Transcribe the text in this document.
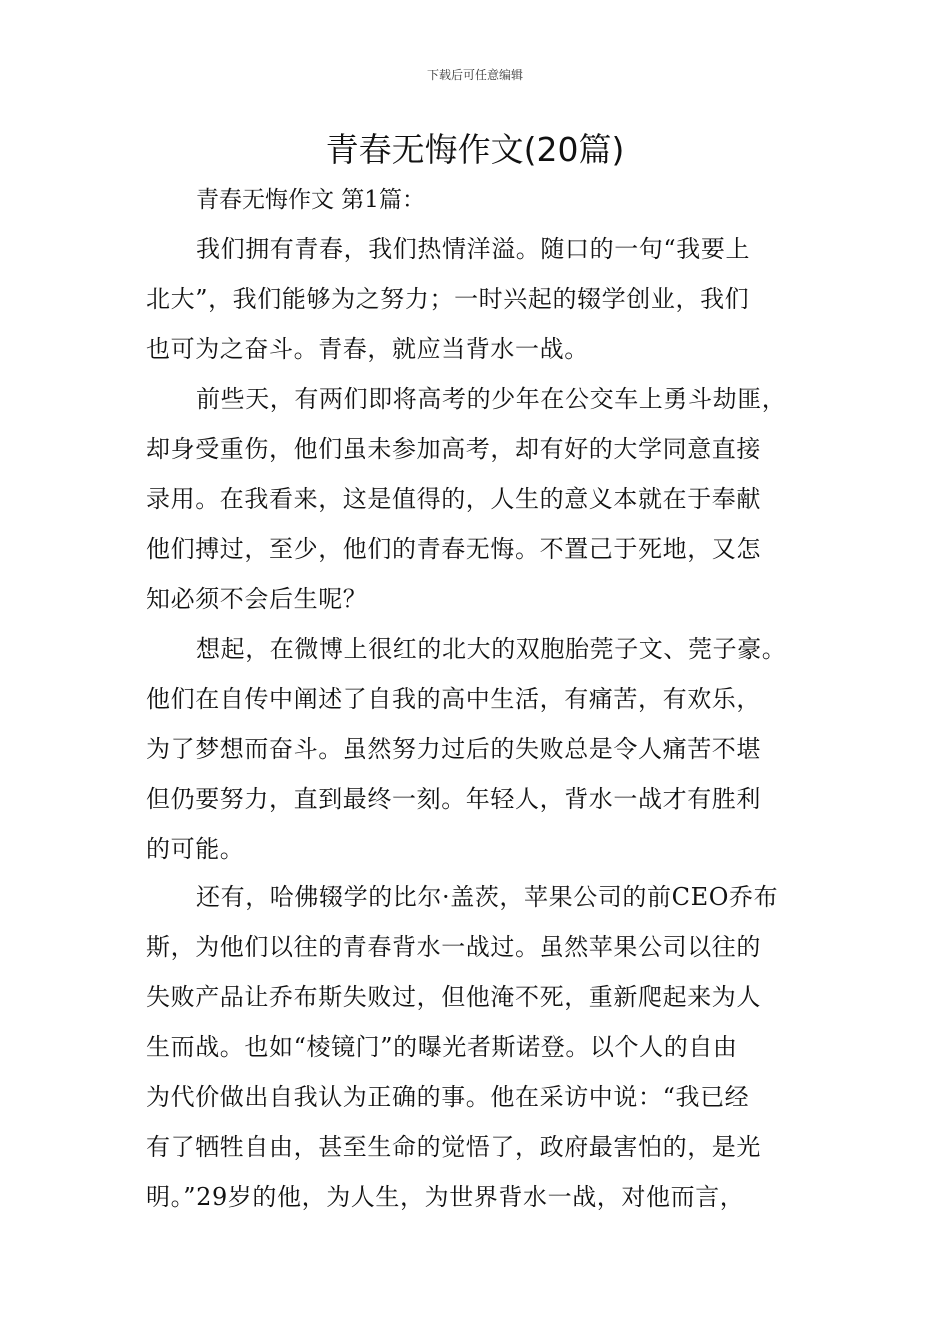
下载后可任意编辑
青春无悔作文(20篇)
青春无悔作文 第1篇：
我们拥有青春，我们热情洋溢。随口的一句“我要上
北大”，我们能够为之努力；一时兴起的辍学创业，我们
也可为之奋斗。青春，就应当背水一战。
前些天，有两们即将高考的少年在公交车上勇斗劫匪，
却身受重伤，他们虽未参加高考，却有好的大学同意直接
录用。在我看来，这是值得的，人生的意义本就在于奉献
他们搏过，至少，他们的青春无悔。不置己于死地，又怎
知必须不会后生呢？
想起，在微博上很红的北大的双胞胎莞子文、莞子豪。
他们在自传中阐述了自我的高中生活，有痛苦，有欢乐，
为了梦想而奋斗。虽然努力过后的失败总是令人痛苦不堪
但仍要努力，直到最终一刻。年轻人，背水一战才有胜利
的可能。
还有，哈佛辍学的比尔·盖茨，苹果公司的前CEO乔布
斯，为他们以往的青春背水一战过。虽然苹果公司以往的
失败产品让乔布斯失败过，但他淹不死，重新爬起来为人
生而战。也如“棱镜门”的曝光者斯诺登。以个人的自由
为代价做出自我认为正确的事。他在采访中说：“我已经
有了牺牲自由，甚至生命的觉悟了，政府最害怕的，是光
明。”29岁的他，为人生，为世界背水一战，对他而言，
